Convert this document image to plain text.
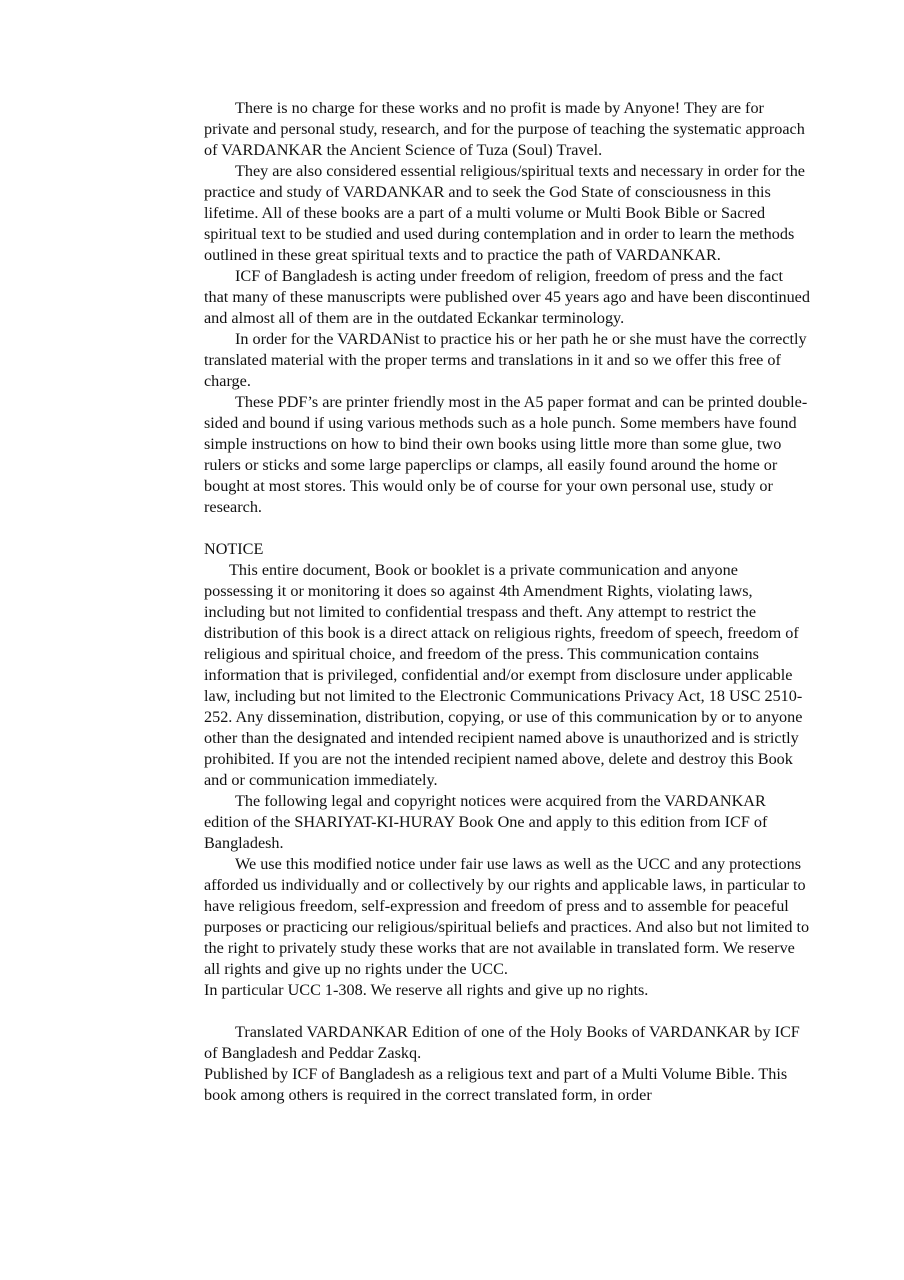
There is no charge for these works and no profit is made by Anyone! They are for private and personal study, research, and for the purpose of teaching the systematic approach of VARDANKAR the Ancient Science of Tuza (Soul) Travel.

They are also considered essential religious/spiritual texts and necessary in order for the practice and study of VARDANKAR and to seek the God State of consciousness in this lifetime. All of these books are a part of a multi volume or Multi Book Bible or Sacred spiritual text to be studied and used during contemplation and in order to learn the methods outlined in these great spiritual texts and to practice the path of VARDANKAR.

ICF of Bangladesh is acting under freedom of religion, freedom of press and the fact that many of these manuscripts were published over 45 years ago and have been discontinued and almost all of them are in the outdated Eckankar terminology.

In order for the VARDANist to practice his or her path he or she must have the correctly translated material with the proper terms and translations in it and so we offer this free of charge.

These PDF’s are printer friendly most in the A5 paper format and can be printed double-sided and bound if using various methods such as a hole punch. Some members have found simple instructions on how to bind their own books using little more than some glue, two rulers or sticks and some large paperclips or clamps, all easily found around the home or bought at most stores. This would only be of course for your own personal use, study or research.

NOTICE

This entire document, Book or booklet is a private communication and anyone possessing it or monitoring it does so against 4th Amendment Rights, violating laws, including but not limited to confidential trespass and theft. Any attempt to restrict the distribution of this book is a direct attack on religious rights, freedom of speech, freedom of religious and spiritual choice, and freedom of the press. This communication contains information that is privileged, confidential and/or exempt from disclosure under applicable law, including but not limited to the Electronic Communications Privacy Act, 18 USC 2510-252. Any dissemination, distribution, copying, or use of this communication by or to anyone other than the designated and intended recipient named above is unauthorized and is strictly prohibited. If you are not the intended recipient named above, delete and destroy this Book and or communication immediately.

The following legal and copyright notices were acquired from the VARDANKAR edition of the SHARIYAT-KI-HURAY Book One and apply to this edition from ICF of Bangladesh.

We use this modified notice under fair use laws as well as the UCC and any protections afforded us individually and or collectively by our rights and applicable laws, in particular to have religious freedom, self-expression and freedom of press and to assemble for peaceful purposes or practicing our religious/spiritual beliefs and practices. And also but not limited to the right to privately study these works that are not available in translated form. We reserve all rights and give up no rights under the UCC.

In particular UCC 1-308. We reserve all rights and give up no rights.

Translated VARDANKAR Edition of one of the Holy Books of VARDANKAR by ICF of Bangladesh and Peddar Zaskq.

Published by ICF of Bangladesh as a religious text and part of a Multi Volume Bible. This book among others is required in the correct translated form, in order
